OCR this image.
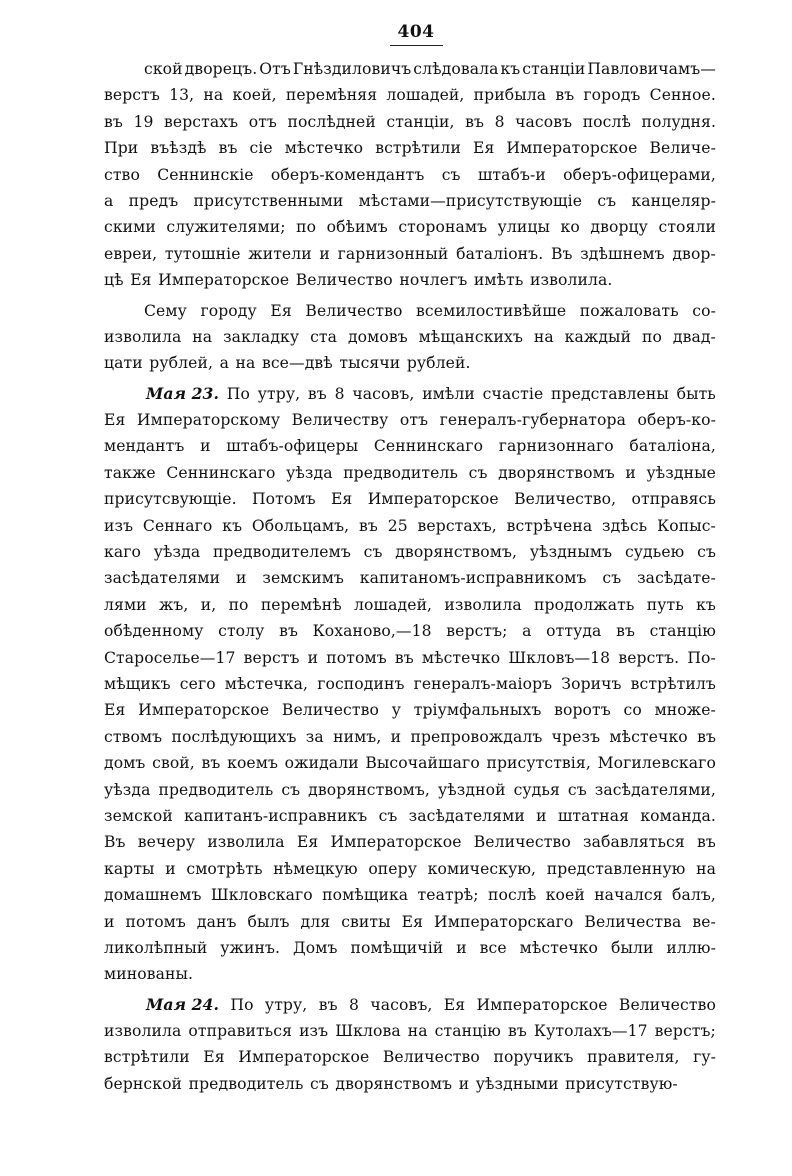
404
ской дворецъ. Отъ Гнѣздиловичъ слѣдовала къ станціи Павловичамъ—
верстъ 13, на коей, перемѣняя лошадей, прибыла въ городъ Сенное.
въ 19 верстахъ отъ послѣдней станціи, въ 8 часовъ послѣ полудня.
При въѣздѣ въ сіе мѣстечко встрѣтили Ея Императорское Величе-
ство Сеннинскіе оберъ-комендантъ съ штабъ-и оберъ-офицерами,
а предъ присутственными мѣстами—присутствующіе съ канцеляр-
скими служителями; по обѣимъ сторонамъ улицы ко дворцу стояли
евреи, тутошніе жители и гарнизонный баталіонъ. Въ здѣшнемъ двор-
цѣ Ея Императорское Величество ночлегъ имѣть изволила.
Сему городу Ея Величество всемилостивѣйше пожаловать со-
изволила на закладку ста домовъ мѣщанскихъ на каждый по двад-
цати рублей, а на все—двѣ тысячи рублей.
Мая 23. По утру, въ 8 часовъ, имѣли счастіе представлены быть
Ея Императорскому Величеству отъ генералъ-губернатора оберъ-ко-
мендантъ и штабъ-офицеры Сеннинскаго гарнизоннаго баталіона,
также Сеннинскаго уѣзда предводитель съ дворянствомъ и уѣздные
присутсвующіе. Потомъ Ея Императорское Величество, отправясь
изъ Сеннаго къ Обольцамъ, въ 25 верстахъ, встрѣчена здѣсь Копыс-
каго уѣзда предводителемъ съ дворянствомъ, уѣзднымъ судьею съ
засѣдателями и земскимъ капитаномъ-исправникомъ съ засѣдате-
лями жъ, и, по перемѣнѣ лошадей, изволила продолжать путь къ
обѣденному столу въ Коханово,—18 верстъ; а оттуда въ станцію
Староселье—17 верстъ и потомъ въ мѣстечко Шкловъ—18 верстъ. По-
мѣщикъ сего мѣстечка, господинъ генералъ-маіоръ Зоричъ встрѣтилъ
Ея Императорское Величество у тріумфальныхъ воротъ со множе-
ствомъ послѣдующихъ за нимъ, и препровождалъ чрезъ мѣстечко въ
домъ свой, въ коемъ ожидали Высочайшаго присутствія, Могилевскаго
уѣзда предводитель съ дворянствомъ, уѣздной судья съ засѣдателями,
земской капитанъ-исправникъ съ засѣдателями и штатная команда.
Въ вечеру изволила Ея Императорское Величество забавляться въ
карты и смотрѣть нѣмецкую оперу комическую, представленную на
домашнемъ Шкловскаго помѣщика театрѣ; послѣ коей начался балъ,
и потомъ данъ былъ для свиты Ея Императорскаго Величества ве-
ликолѣпный ужинъ. Домъ помѣщичій и все мѣстечко были иллю-
минованы.
Мая 24. По утру, въ 8 часовъ, Ея Императорское Величество
изволила отправиться изъ Шклова на станцію въ Кутолахъ—17 верстъ;
встрѣтили Ея Императорское Величество поручикъ правителя, гу-
бернской предводитель съ дворянствомъ и уѣздными присутствую-
